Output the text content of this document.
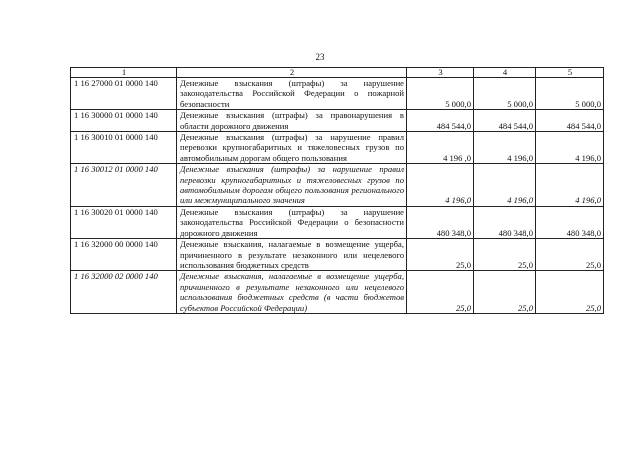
23
1	2	3	4	5
1 16 27000 01 0000 140	Денежные взыскания (штрафы) за нарушение законодательства Российской Федерации о пожарной безопасности	5 000,0	5 000,0	5 000,0
1 16 30000 01 0000 140	Денежные взыскания (штрафы) за правонарушения в области дорожного движения	484 544,0	484 544,0	484 544,0
1 16 30010 01 0000 140	Денежные взыскания (штрафы) за нарушение правил перевозки крупногабаритных и тяжеловесных грузов по автомобильным дорогам общего пользования	4 196 ,0	4 196,0	4 196,0
1 16 30012 01 0000 140	Денежные взыскания (штрафы) за нарушение правил перевозки крупногабаритных и тяжеловесных грузов по автомобильным дорогам общего пользования регионального или межмуниципального значения	4 196,0	4 196,0	4 196,0
1 16 30020 01 0000 140	Денежные взыскания (штрафы) за нарушение законодательства Российской Федерации о безопасности дорожного движения	480 348,0	480 348,0	480 348,0
1 16 32000 00 0000 140	Денежные взыскания, налагаемые в возмещение ущерба, причиненного в результате незаконного или нецелевого использования бюджетных средств	25,0	25,0	25,0
1 16 32000 02 0000 140	Денежные взыскания, налагаемые в возмещение ущерба, причиненного в результате незаконного или нецелевого использования бюджетных средств (в части бюджетов субъектов Российской Федерации)	25,0	25,0	25,0
